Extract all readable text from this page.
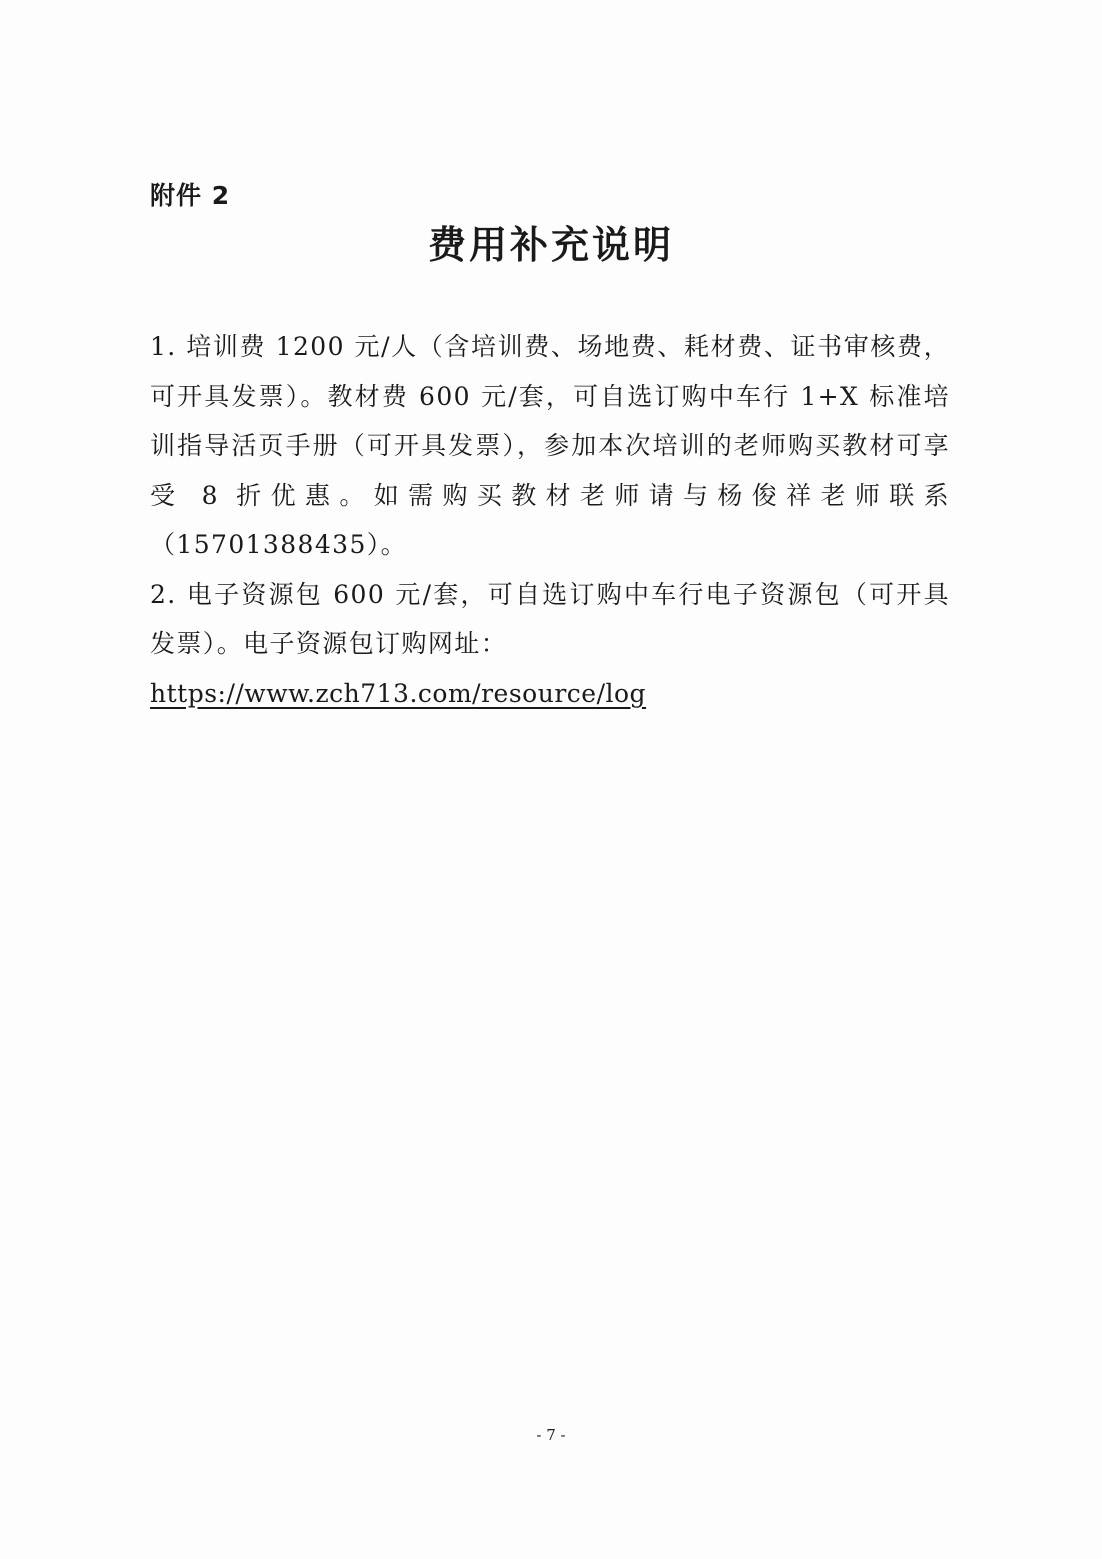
附件 2
费用补充说明

1. 培训费 1200 元/人（含培训费、场地费、耗材费、证书审核费，可开具发票）。教材费 600 元/套，可自选订购中车行 1+X 标准培训指导活页手册（可开具发票），参加本次培训的老师购买教材可享受 8 折优惠。如需购买教材老师请与杨俊祥老师联系（15701388435）。

2. 电子资源包 600 元/套，可自选订购中车行电子资源包（可开具发票）。电子资源包订购网址：

https://www.zch713.com/resource/log

- 7 -
